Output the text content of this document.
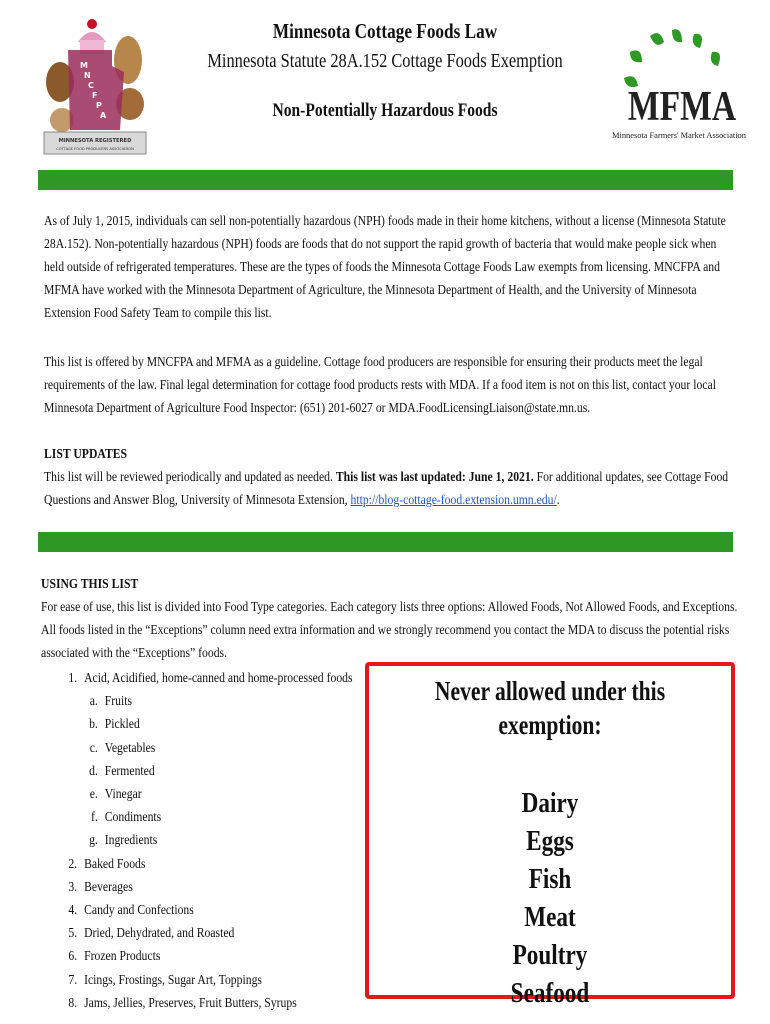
M
N
C
F
P
A
MINNESOTA REGISTERED
COTTAGE FOOD PRODUCERS ASSOCIATION
Minnesota Cottage Foods Law
Minnesota Statute 28A.152 Cottage Foods Exemption
Non-Potentially Hazardous Foods	MFMA
Minnesota Farmers' Market Association
As of July 1, 2015, individuals can sell non-potentially hazardous (NPH) foods made in their home kitchens, without a license (Minnesota Statute 28A.152). Non-potentially hazardous (NPH) foods are foods that do not support the rapid growth of bacteria that would make people sick when held outside of refrigerated temperatures. These are the types of foods the Minnesota Cottage Foods Law exempts from licensing. MNCFPA and MFMA have worked with the Minnesota Department of Agriculture, the Minnesota Department of Health, and the University of Minnesota Extension Food Safety Team to compile this list.
This list is offered by MNCFPA and MFMA as a guideline. Cottage food producers are responsible for ensuring their products meet the legal requirements of the law. Final legal determination for cottage food products rests with MDA. If a food item is not on this list, contact your local Minnesota Department of Agriculture Food Inspector: (651) 201-6027 or MDA.FoodLicensingLiaison@state.mn.us.
LIST UPDATES
This list will be reviewed periodically and updated as needed. This list was last updated: June 1, 2021. For additional updates, see Cottage Food Questions and Answer Blog, University of Minnesota Extension, http://blog-cottage-food.extension.umn.edu/.
USING THIS LIST
For ease of use, this list is divided into Food Type categories. Each category lists three options: Allowed Foods, Not Allowed Foods, and Exceptions. All foods listed in the “Exceptions” column need extra information and we strongly recommend you contact the MDA to discuss the potential risks associated with the “Exceptions” foods.
1. Acid, Acidified, home-canned and home-processed foods
a. Fruits
b. Pickled
c. Vegetables
d. Fermented
e. Vinegar
f. Condiments
g. Ingredients
2. Baked Foods
3. Beverages
4. Candy and Confections
5. Dried, Dehydrated, and Roasted
6. Frozen Products
7. Icings, Frostings, Sugar Art, Toppings
8. Jams, Jellies, Preserves, Fruit Butters, Syrups
Never allowed under this exemption:
Dairy
Eggs
Fish
Meat
Poultry
Seafood
